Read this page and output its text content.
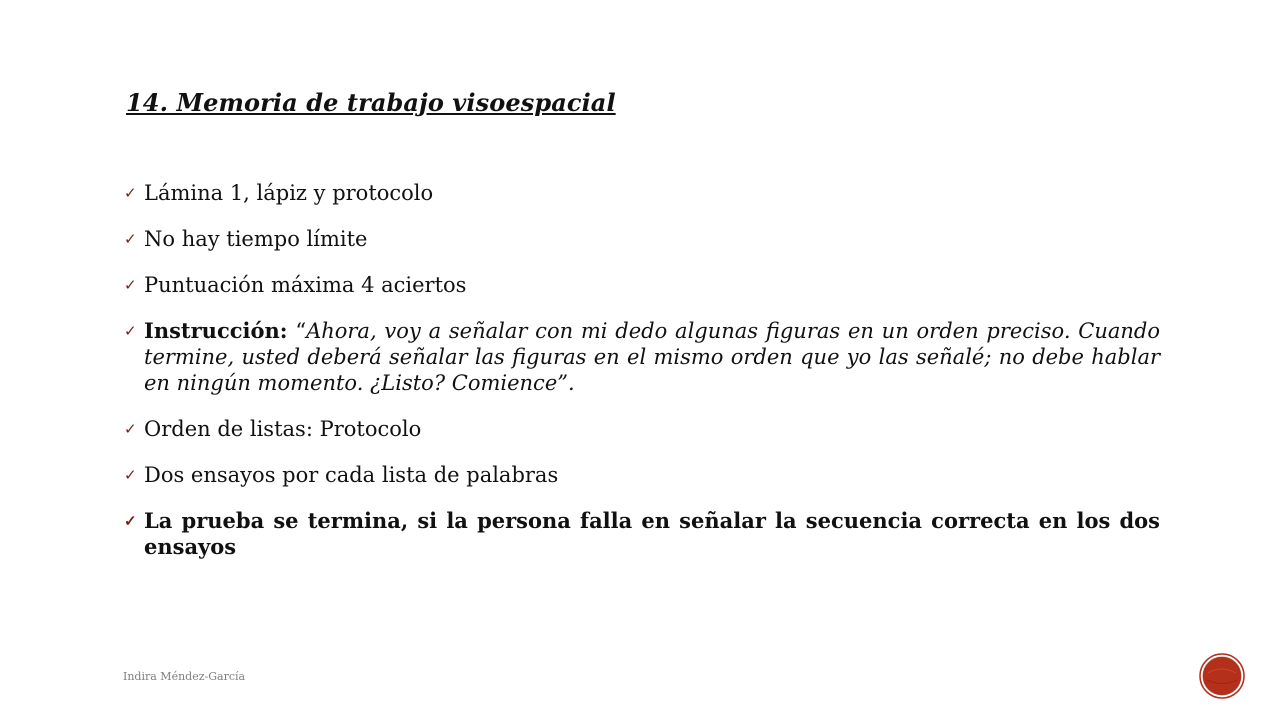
14. Memoria de trabajo visoespacial
✓ Lámina 1, lápiz y protocolo
✓ No hay tiempo límite
✓ Puntuación máxima 4 aciertos
✓ Instrucción: “Ahora, voy a señalar con mi dedo algunas figuras en un orden preciso. Cuando termine, usted deberá señalar las figuras en el mismo orden que yo las señalé; no debe hablar en ningún momento. ¿Listo? Comience”.
✓ Orden de listas: Protocolo
✓ Dos ensayos por cada lista de palabras
✓ La prueba se termina, si la persona falla en señalar la secuencia correcta en los dos ensayos
Indira Méndez-García
